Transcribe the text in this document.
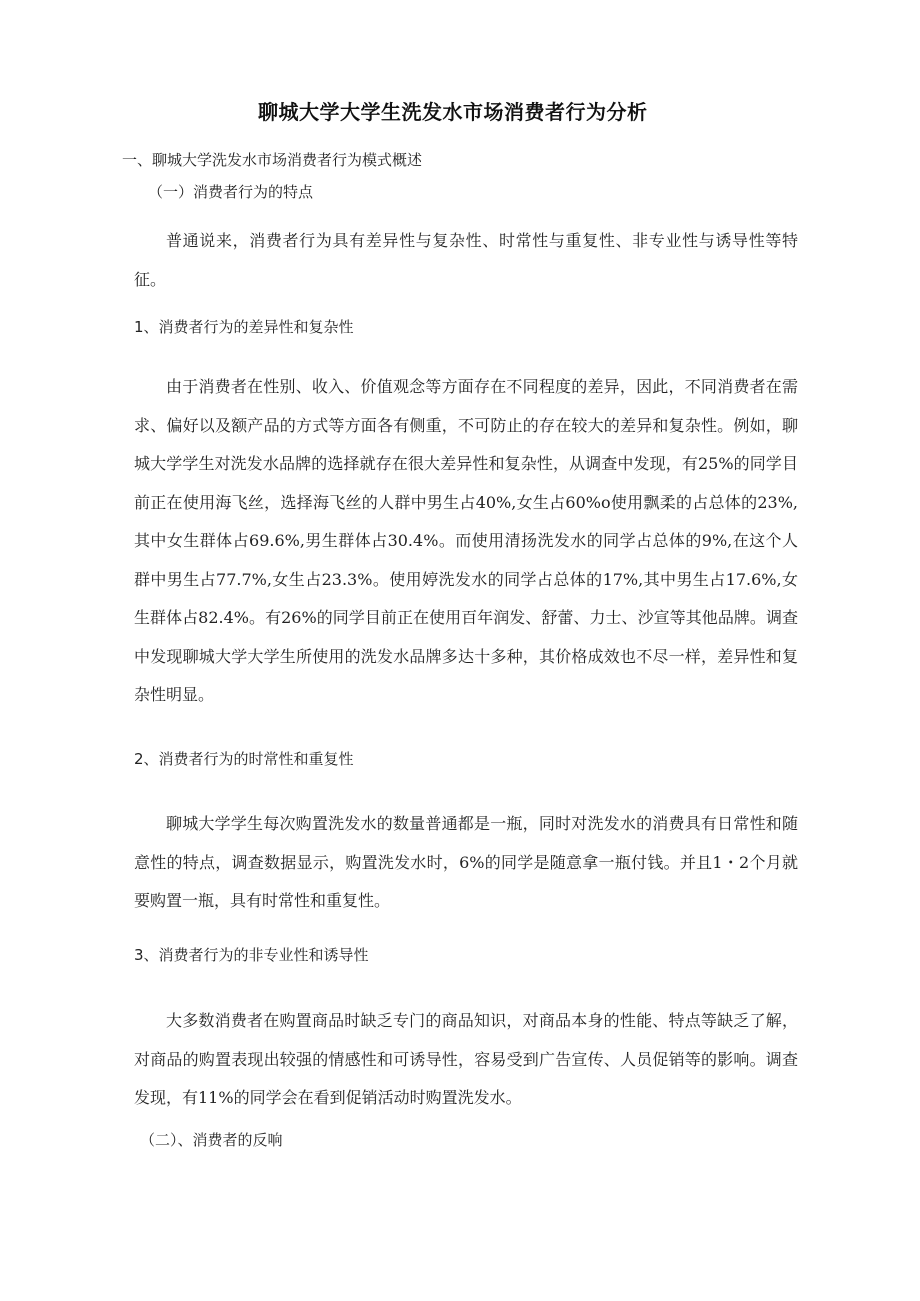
聊城大学大学生洗发水市场消费者行为分析

一、聊城大学洗发水市场消费者行为模式概述

（一）消费者行为的特点

普通说来，消费者行为具有差异性与复杂性、时常性与重复性、非专业性与诱导性等特征。

1、消费者行为的差异性和复杂性

由于消费者在性别、收入、价值观念等方面存在不同程度的差异，因此，不同消费者在需求、偏好以及额产品的方式等方面各有侧重，不可防止的存在较大的差异和复杂性。例如，聊城大学学生对洗发水品牌的选择就存在很大差异性和复杂性，从调查中发现，有25%的同学目前正在使用海飞丝，选择海飞丝的人群中男生占40%,女生占60%o使用飘柔的占总体的23%,其中女生群体占69.6%,男生群体占30.4%。而使用清扬洗发水的同学占总体的9%,在这个人群中男生占77.7%,女生占23.3%。使用婷洗发水的同学占总体的17%,其中男生占17.6%,女生群体占82.4%。有26%的同学目前正在使用百年润发、舒蕾、力士、沙宣等其他品牌。调查中发现聊城大学大学生所使用的洗发水品牌多达十多种，其价格成效也不尽一样，差异性和复杂性明显。

2、消费者行为的时常性和重复性

聊城大学学生每次购置洗发水的数量普通都是一瓶，同时对洗发水的消费具有日常性和随意性的特点，调查数据显示，购置洗发水时，6%的同学是随意拿一瓶付钱。并且1・2个月就要购置一瓶，具有时常性和重复性。

3、消费者行为的非专业性和诱导性

大多数消费者在购置商品时缺乏专门的商品知识，对商品本身的性能、特点等缺乏了解，对商品的购置表现出较强的情感性和可诱导性，容易受到广告宣传、人员促销等的影响。调查发现，有11%的同学会在看到促销活动时购置洗发水。

（二）、消费者的反响
